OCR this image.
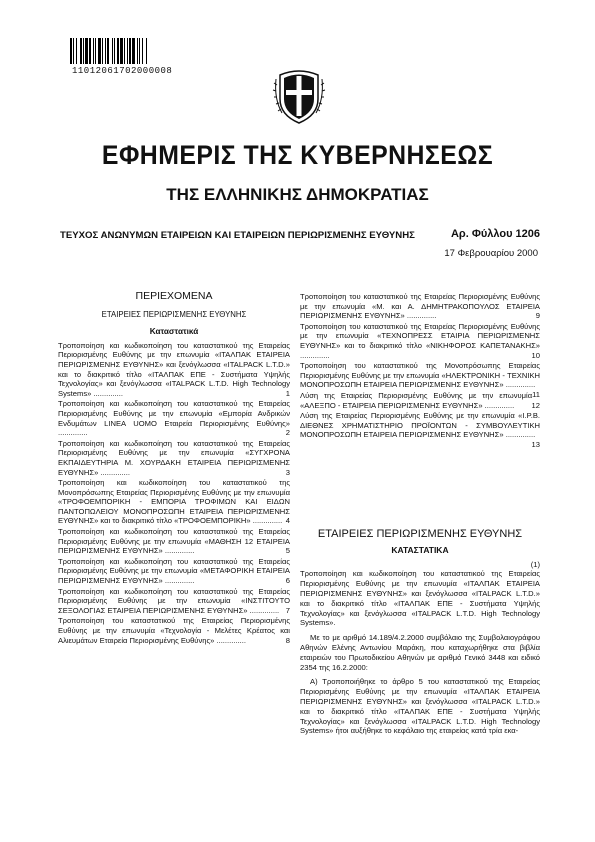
11012061702000008
ΕΦΗΜΕΡΙΣ ΤΗΣ ΚΥΒΕΡΝΗΣΕΩΣ
ΤΗΣ ΕΛΛΗΝΙΚΗΣ ΔΗΜΟΚΡΑΤΙΑΣ
ΤΕΥΧΟΣ ΑΝΩΝΥΜΩΝ ΕΤΑΙΡΕΙΩΝ ΚΑΙ ΕΤΑΙΡΕΙΩΝ ΠΕΡΙΩΡΙΣΜΕΝΗΣ ΕΥΘΥΝΗΣ	Αρ. Φύλλου 1206
17 Φεβρουαρίου 2000
ΠΕΡΙΕΧΟΜΕΝΑ
ΕΤΑΙΡΕΙΕΣ ΠΕΡΙΩΡΙΣΜΕΝΗΣ ΕΥΘΥΝΗΣ
Καταστατικά
Τροποποίηση και κωδικοποίηση του καταστατικού της Εταιρείας Περιορισμένης Ευθύνης με την επωνυμία «ΙΤΑΛΠΑΚ ΕΤΑΙΡΕΙΑ ΠΕΡΙΩΡΙΣΜΕΝΗΣ ΕΥΘΥΝΗΣ» και ξενόγλωσσα «ITALPACK L.T.D.» και το διακριτικό τίτλο «ΙΤΑΛΠΑΚ ΕΠΕ - Συστήματα Υψηλής Τεχνολογίας» και ξενόγλωσσα «ITALPACK L.T.D. High Technology Systems» ..............	1
Τροποποίηση και κωδικοποίηση του καταστατικού της Εταιρείας Περιορισμένης Ευθύνης με την επωνυμία «Εμπορία Ανδρικών Ενδυμάτων LINEA UOMO Εταιρεία Περιορισμένης Ευθύνης» ..............	2
Τροποποίηση και κωδικοποίηση του καταστατικού της Εταιρείας Περιορισμένης Ευθύνης με την επωνυμία «ΣΥΓΧΡΟΝΑ ΕΚΠΑΙΔΕΥΤΗΡΙΑ Μ. ΧΟΥΡΔΑΚΗ ΕΤΑΙΡΕΙΑ ΠΕΡΙΩΡΙΣΜΕΝΗΣ ΕΥΘΥΝΗΣ» ..............	3
Τροποποίηση και κωδικοποίηση του καταστατικού της Μονοπρόσωπης Εταιρείας Περιορισμένης Ευθύνης με την επωνυμία «ΤΡΟΦΟΕΜΠΟΡΙΚΗ - ΕΜΠΟΡΙΑ ΤΡΟΦΙΜΩΝ ΚΑΙ ΕΙΔΩΝ ΠΑΝΤΟΠΩΛΕΙΟΥ ΜΟΝΟΠΡΟΣΩΠΗ ΕΤΑΙΡΕΙΑ ΠΕΡΙΩΡΙΣΜΕΝΗΣ ΕΥΘΥΝΗΣ» και το διακριτικό τίτλο «ΤΡΟΦΟΕΜΠΟΡΙΚΗ» .............. 4
Τροποποίηση και κωδικοποίηση του καταστατικού της Εταιρείας Περιορισμένης Ευθύνης με την επωνυμία «ΜΑΘΗΣΗ 12 ΕΤΑΙΡΕΙΑ ΠΕΡΙΩΡΙΣΜΕΝΗΣ ΕΥΘΥΝΗΣ» ..............	5
Τροποποίηση και κωδικοποίηση του καταστατικού της Εταιρείας Περιορισμένης Ευθύνης με την επωνυμία «ΜΕΤΑΦΟΡΙΚΗ ΕΤΑΙΡΕΙΑ ΠΕΡΙΩΡΙΣΜΕΝΗΣ ΕΥΘΥΝΗΣ» ..............	6
Τροποποίηση και κωδικοποίηση του καταστατικού της Εταιρείας Περιορισμένης Ευθύνης με την επωνυμία «ΙΝΣΤΙΤΟΥΤΟ ΣΕΞΟΛΟΓΙΑΣ ΕΤΑΙΡΕΙΑ ΠΕΡΙΩΡΙΣΜΕΝΗΣ ΕΥΘΥΝΗΣ» .............. 7
Τροποποίηση του καταστατικού της Εταιρείας Περιορισμένης Ευθύνης με την επωνυμία «Τεχνολογία - Μελέτες Κρέατος και Αλιευμάτων Εταιρεία Περιορισμένης Ευθύνης» ..............	8
Τροποποίηση του καταστατικού της Εταιρείας Περιορισμένης Ευθύνης με την επωνυμία «Μ. και Α. ΔΗΜΗΤΡΑΚΟΠΟΥΛΟΣ ΕΤΑΙΡΕΙΑ ΠΕΡΙΩΡΙΣΜΕΝΗΣ ΕΥΘΥΝΗΣ» ..............	9
Τροποποίηση του καταστατικού της Εταιρείας Περιορισμένης Ευθύνης με την επωνυμία «ΤΕΧΝΟΠΡΕΣΣ ΕΤΑΙΡΙΑ ΠΕΡΙΩΡΙΣΜΕΝΗΣ ΕΥΘΥΝΗΣ» και το διακριτικό τίτλο «ΝΙΚΗΦΟΡΟΣ ΚΑΠΕΤΑΝΑΚΗΣ» ..............	10
Τροποποίηση του καταστατικού της Μονοπρόσωπης Εταιρείας Περιορισμένης Ευθύνης με την επωνυμία «ΗΛΕΚΤΡΟΝΙΚΗ - ΤΕΧΝΙΚΗ ΜΟΝΟΠΡΟΣΩΠΗ ΕΤΑΙΡΕΙΑ ΠΕΡΙΩΡΙΣΜΕΝΗΣ ΕΥΘΥΝΗΣ» ..............
11
Λύση της Εταιρείας Περιορισμένης Ευθύνης με την επωνυμία «ΑΛΕΞΠΟ - ΕΤΑΙΡΕΙΑ ΠΕΡΙΩΡΙΣΜΕΝΗΣ ΕΥΘΥΝΗΣ» .............. 12
Λύση της Εταιρείας Περιορισμένης Ευθύνης με την επωνυμία «Ι.Ρ.Β. ΔΙΕΘΝΕΣ ΧΡΗΜΑΤΙΣΤΗΡΙΟ ΠΡΟΪΟΝΤΩΝ - ΣΥΜΒΟΥΛΕΥΤΙΚΗ ΜΟΝΟΠΡΟΣΩΠΗ ΕΤΑΙΡΕΙΑ ΠΕΡΙΩΡΙΣΜΕΝΗΣ ΕΥΘΥΝΗΣ» ..............
13
ΕΤΑΙΡΕΙΕΣ ΠΕΡΙΩΡΙΣΜΕΝΗΣ ΕΥΘΥΝΗΣ
ΚΑΤΑΣΤΑΤΙΚΑ

(1)

Τροποποίηση και κωδικοποίηση του καταστατικού της Εταιρείας Περιορισμένης Ευθύνης με την επωνυμία «ΙΤΑΛΠΑΚ ΕΤΑΙΡΕΙΑ ΠΕΡΙΩΡΙΣΜΕΝΗΣ ΕΥΘΥΝΗΣ» και ξενόγλωσσα «ITALPACK L.T.D.» και το διακριτικό τίτλο «ΙΤΑΛΠΑΚ ΕΠΕ - Συστήματα Υψηλής Τεχνολογίας» και ξενόγλωσσα «ITALPACK L.T.D. High Technology Systems».

Με το με αριθμό 14.189/4.2.2000 συμβόλαιο της Συμβολαιογράφου Αθηνών Ελένης Αντωνίου Μαράκη, που καταχωρήθηκε στα βιβλία εταιρειών του Πρωτοδικείου Αθηνών με αριθμό Γενικό 3448 και ειδικό 2354 της 16.2.2000:

Α) Τροποποιήθηκε το άρθρο 5 του καταστατικού της Εταιρείας Περιορισμένης Ευθύνης με την επωνυμία «ΙΤΑΛΠΑΚ ΕΤΑΙΡΕΙΑ ΠΕΡΙΩΡΙΣΜΕΝΗΣ ΕΥΘΥΝΗΣ» και ξενόγλωσσα «ITALPACK L.T.D.» και το διακριτικό τίτλο «ΙΤΑΛΠΑΚ ΕΠΕ - Συστήματα Υψηλής Τεχνολογίας» και ξενόγλωσσα «ITALPACK L.T.D. High Technology Systems» ήτοι αυξήθηκε το κεφάλαιο της εταιρείας κατά τρία εκα-
